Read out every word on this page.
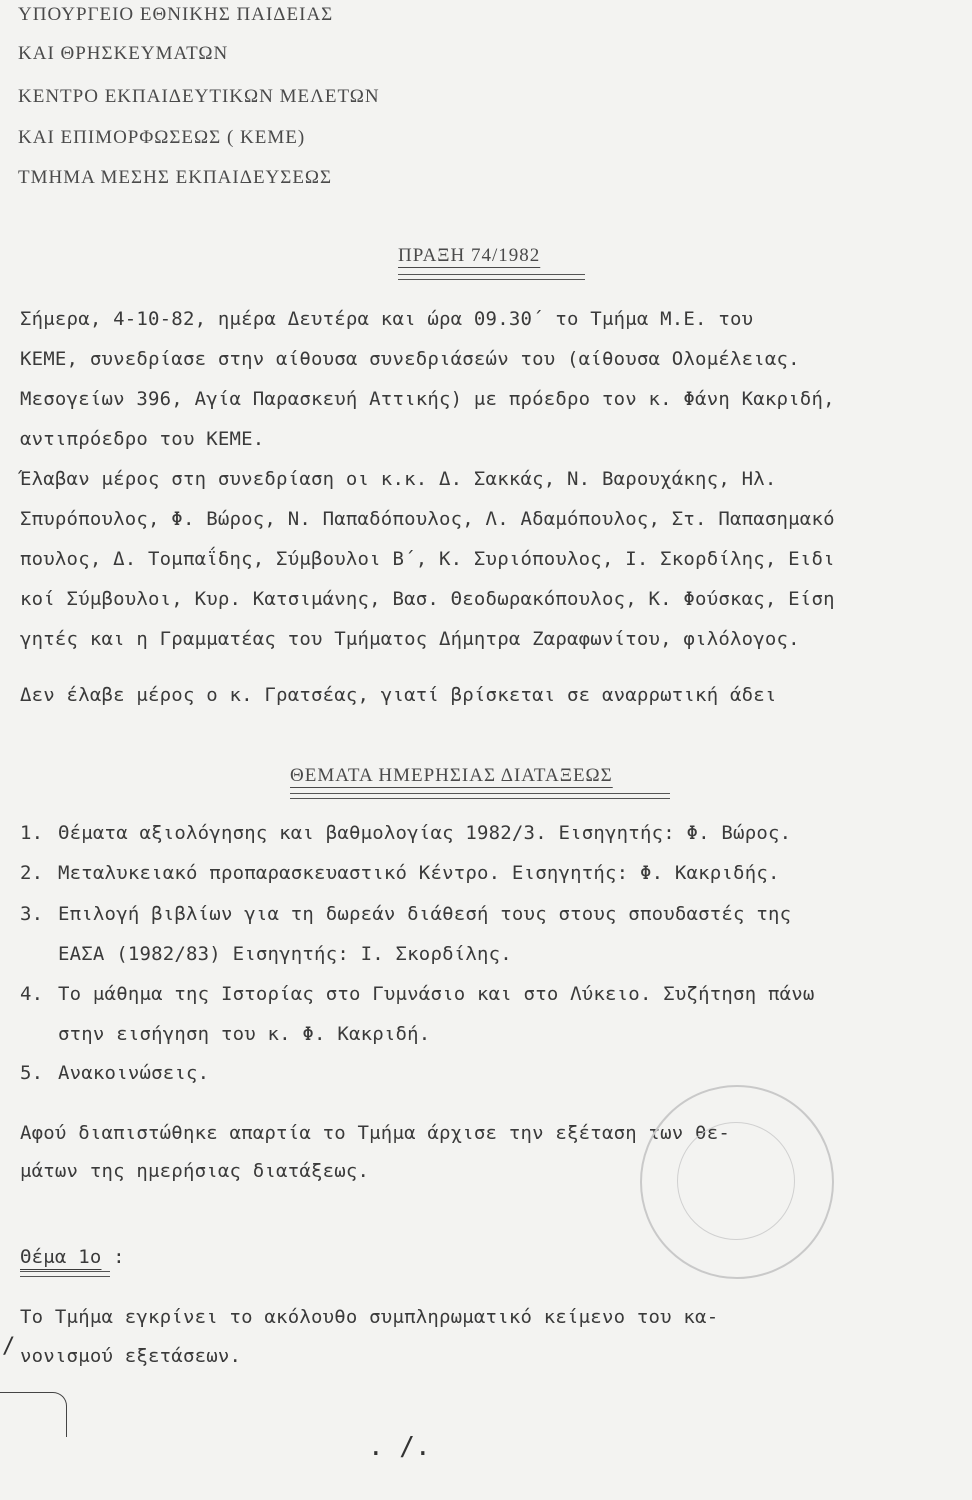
ΥΠΟΥΡΓΕΙΟ ΕΘΝΙΚΗΣ ΠΑΙΔΕΙΑΣ
ΚΑΙ ΘΡΗΣΚΕΥΜΑΤΩΝ
ΚΕΝΤΡΟ ΕΚΠΑΙΔΕΥΤΙΚΩΝ ΜΕΛΕΤΩΝ
ΚΑΙ ΕΠΙΜΟΡΦΩΣΕΩΣ ( ΚΕΜΕ)
ΤΜΗΜΑ ΜΕΣΗΣ ΕΚΠΑΙΔΕΥΣΕΩΣ
ΠΡΑΞΗ 74/1982
Σήμερα, 4-10-82, ημέρα Δευτέρα και ώρα 09.30΄ το Τμήμα Μ.Ε. του
ΚΕΜΕ, συνεδρίασε στην αίθουσα συνεδριάσεών του (αίθουσα Ολομέλειας.
Μεσογείων 396, Αγία Παρασκευή Αττικής) με πρόεδρο τον κ. Φάνη Κακριδή,
αντιπρόεδρο του ΚΕΜΕ.
Έλαβαν μέρος στη συνεδρίαση οι κ.κ. Δ. Σακκάς, Ν. Βαρουχάκης, Ηλ.
Σπυρόπουλος, Φ. Βώρος, Ν. Παπαδόπουλος, Λ. Αδαμόπουλος, Στ. Παπασημακό
πουλος, Δ. Τομπαΐδης, Σύμβουλοι Β΄, Κ. Συριόπουλος, Ι. Σκορδίλης, Ειδι
κοί Σύμβουλοι, Κυρ. Κατσιμάνης, Βασ. Θεοδωρακόπουλος, Κ. Φούσκας, Είση
γητές και η Γραμματέας του Τμήματος Δήμητρα Ζαραφωνίτου, φιλόλογος.
Δεν έλαβε μέρος ο κ. Γρατσέας, γιατί βρίσκεται σε αναρρωτική άδει
ΘΕΜΑΤΑ ΗΜΕΡΗΣΙΑΣ ΔΙΑΤΑΞΕΩΣ
1. Θέματα αξιολόγησης και βαθμολογίας 1982/3. Εισηγητής: Φ. Βώρος.
2. Μεταλυκειακό προπαρασκευαστικό Κέντρο. Εισηγητής: Φ. Κακριδής.
3. Επιλογή βιβλίων για τη δωρεάν διάθεσή τους στους σπουδαστές της
ΕΑΣΑ (1982/83) Εισηγητής: Ι. Σκορδίλης.
4. Το μάθημα της Ιστορίας στο Γυμνάσιο και στο Λύκειο. Συζήτηση πάνω
στην εισήγηση του κ. Φ. Κακριδή.
5. Ανακοινώσεις.
Αφού διαπιστώθηκε απαρτία το Τμήμα άρχισε την εξέταση των θε-
μάτων της ημερήσιας διατάξεως.
Θέμα 1ο :
Το Τμήμα εγκρίνει το ακόλουθο συμπληρωματικό κείμενο του κα-
νονισμού εξετάσεων.
/
. /.
